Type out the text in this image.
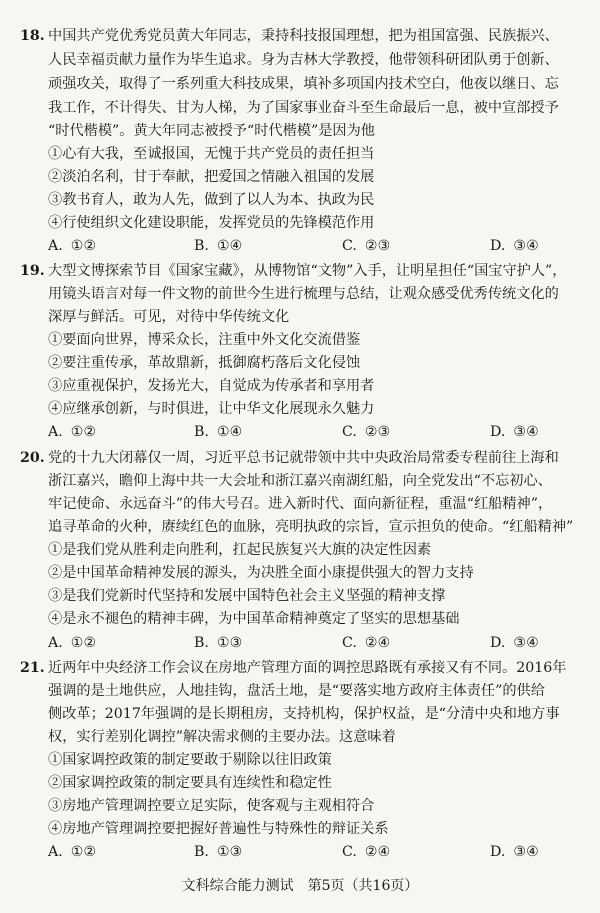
18. 中国共产党优秀党员黄大年同志，秉持科技报国理想，把为祖国富强、民族振兴、
人民幸福贡献力量作为毕生追求。身为吉林大学教授，他带领科研团队勇于创新、
顽强攻关，取得了一系列重大科技成果，填补多项国内技术空白，他夜以继日、忘
我工作，不计得失、甘为人梯，为了国家事业奋斗至生命最后一息，被中宣部授予
“时代楷模”。黄大年同志被授予“时代楷模”是因为他
①心有大我，至诚报国，无愧于共产党员的责任担当
②淡泊名利，甘于奉献，把爱国之情融入祖国的发展
③教书育人，敢为人先，做到了以人为本、执政为民
④行使组织文化建设职能，发挥党员的先锋模范作用
A. ①②	B. ①④	C. ②③	D. ③④
19. 大型文博探索节目《国家宝藏》，从博物馆“文物”入手，让明星担任“国宝守护人”，
用镜头语言对每一件文物的前世今生进行梳理与总结，让观众感受优秀传统文化的
深厚与鲜活。可见，对待中华传统文化
①要面向世界，博采众长，注重中外文化交流借鉴
②要注重传承，革故鼎新，抵御腐朽落后文化侵蚀
③应重视保护，发扬光大，自觉成为传承者和享用者
④应继承创新，与时俱进，让中华文化展现永久魅力
A. ①②	B. ①④	C. ②③	D. ③④
20. 党的十九大闭幕仅一周，习近平总书记就带领中共中央政治局常委专程前往上海和
浙江嘉兴，瞻仰上海中共一大会址和浙江嘉兴南湖红船，向全党发出“不忘初心、
牢记使命、永远奋斗”的伟大号召。进入新时代、面向新征程，重温“红船精神”，
追寻革命的火种，赓续红色的血脉，亮明执政的宗旨，宣示担负的使命。“红船精神”
①是我们党从胜利走向胜利，扛起民族复兴大旗的决定性因素
②是中国革命精神发展的源头，为决胜全面小康提供强大的智力支持
③是我们党新时代坚持和发展中国特色社会主义坚强的精神支撑
④是永不褪色的精神丰碑，为中国革命精神奠定了坚实的思想基础
A. ①②	B. ①③	C. ②④	D. ③④
21. 近两年中央经济工作会议在房地产管理方面的调控思路既有承接又有不同。2016年
强调的是土地供应，人地挂钩，盘活土地，是“要落实地方政府主体责任”的供给
侧改革；2017年强调的是长期租房，支持机构，保护权益，是“分清中央和地方事
权，实行差别化调控”解决需求侧的主要办法。这意味着
①国家调控政策的制定要敢于剔除以往旧政策
②国家调控政策的制定要具有连续性和稳定性
③房地产管理调控要立足实际，使客观与主观相符合
④房地产管理调控要把握好普遍性与特殊性的辩证关系
A. ①②	B. ①③	C. ②④	D. ③④
文科综合能力测试　第5页（共16页）
